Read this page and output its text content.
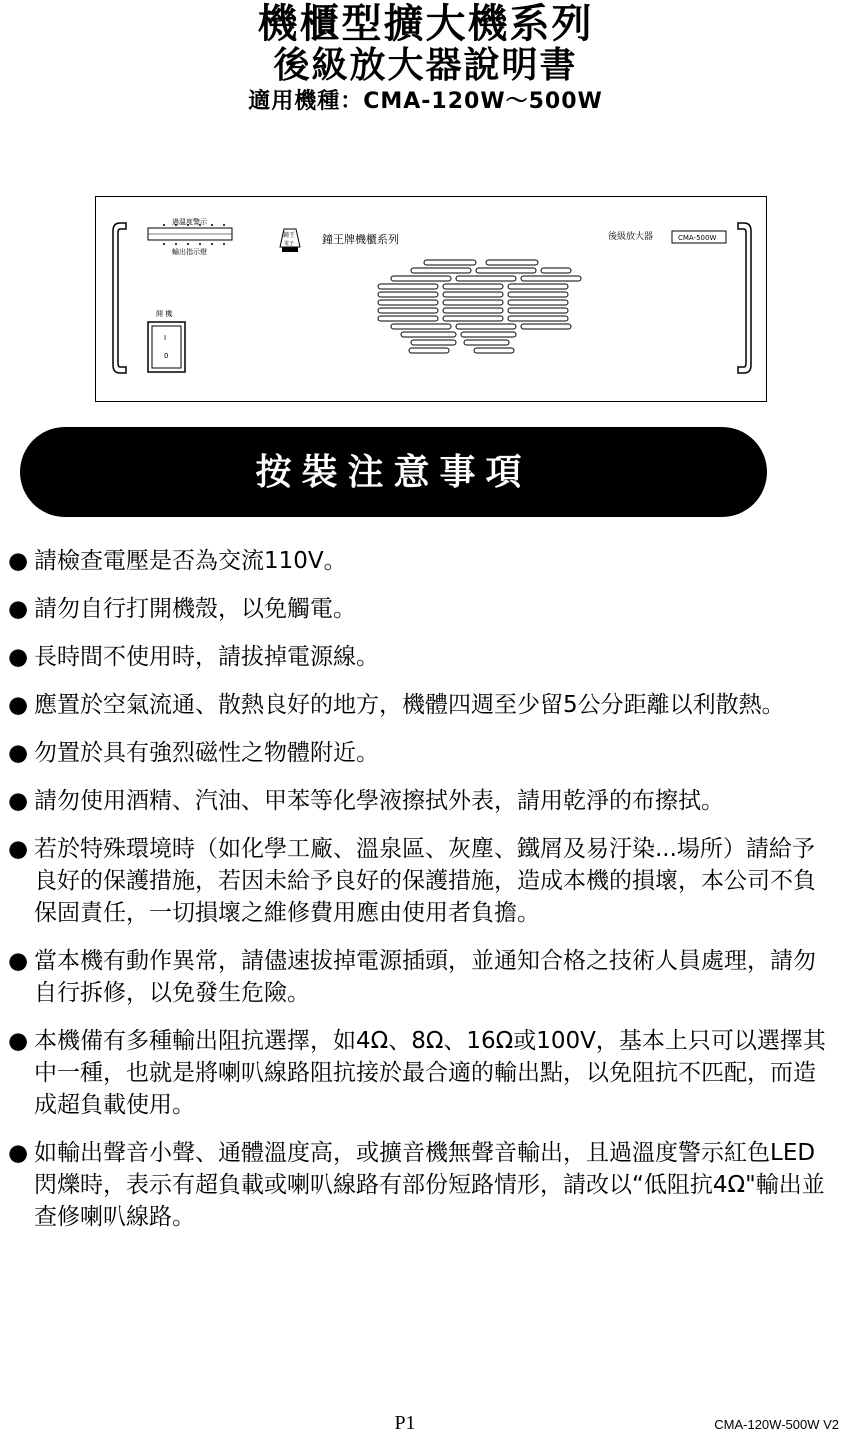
機櫃型擴大機系列
後級放大器說明書
適用機種：CMA-120W～500W
過溫度警示
輸出指示燈
鐘王
電子	鐘王牌機櫃系列	後級放大器	CMA-500W
開 機
I
0
按裝注意事項
● 請檢查電壓是否為交流110V。
● 請勿自行打開機殼，以免觸電。
● 長時間不使用時，請拔掉電源線。
● 應置於空氣流通、散熱良好的地方，機體四週至少留5公分距離以利散熱。
● 勿置於具有強烈磁性之物體附近。
● 請勿使用酒精、汽油、甲苯等化學液擦拭外表，請用乾淨的布擦拭。
● 若於特殊環境時（如化學工廠、溫泉區、灰塵、鐵屑及易汙染...場所）請給予良好的保護措施，若因未給予良好的保護措施，造成本機的損壞，本公司不負保固責任，一切損壞之維修費用應由使用者負擔。
● 當本機有動作異常，請儘速拔掉電源插頭，並通知合格之技術人員處理，請勿自行拆修，以免發生危險。
● 本機備有多種輸出阻抗選擇，如4Ω、8Ω、16Ω或100V，基本上只可以選擇其中一種，也就是將喇叭線路阻抗接於最合適的輸出點，以免阻抗不匹配，而造成超負載使用。
● 如輸出聲音小聲、通體溫度高，或擴音機無聲音輸出，且過溫度警示紅色LED閃爍時，表示有超負載或喇叭線路有部份短路情形，請改以“低阻抗4Ω"輸出並查修喇叭線路。
P1	CMA-120W-500W V2
